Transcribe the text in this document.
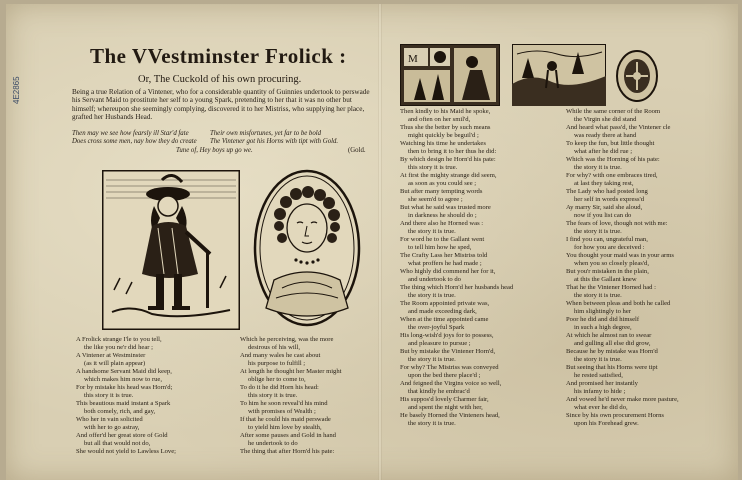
4E2865
The VVestminster Frolick :
Or, The Cuckold of his own procuring.
Being a true Relation of a Vintener, who for a considerable quantity of Guinnies undertook to perswade his Servant Maid to prostitute her self to a young Spark, pretending to her that it was no other but himself; whereupon she seemingly complying, discovered it to her Mistriss, who supplying her place, grafted her Husbands Head.
Then may we see how fearsly ill Star'd fate
Does cross some men, nay how they do create
Their own misfortunes, yet far to be bold
The Vintener got his Horns with tipt with Gold.
Tune of, Hey boys up go we.	(Gold.
M
A Frolick strange I'le to you tell,
the like you ne'r did hear ;
A Vintener at Westminster
(as it will plain appear)
A handsome Servant Maid did keep,
which makes him now to rue,
For by mistake his head was Horn'd;
this story it is true.
This beautious maid instant a Spark
both comely, rich, and gay,
Who her in vain solicited
with her to go astray,
And offer'd her great store of Gold
but all that would not do,
She would not yield to Lawless Love;
Which he perceiving, was the more
desirous of his will,
And many wales he cast about
his purpose to fulfill ;
At length he thought her Master might
oblige her to come to,
To do it he did Horn his head:
this story it is true.
To him he soon reveal'd his mind
with promises of Wealth ;
If that he could his maid perswade
to yield him love by stealth,
After some pauses and Gold in hand
he undertook to do
The thing that after Horn'd his pate:
Then kindly to his Maid he spoke,
and often on her smil'd,
Thus she the better by such means
might quickly be beguil'd ;
Watching his time he undertakes
then to bring it to her thus he did:
By which design he Horn'd his pate:
this story it is true.
At first the mighty strange did seem,
as soon as you could see ;
But after many tempting words
she seem'd to agree ;
But what he said was trusted more
in darkness he should do ;
And there also he Horned was :
the story it is true.
For word he to the Gallant went
to tell him how he sped,
The Crafty Lass her Mistriss told
what proffers he had made ;
Who highly did commend her for it,
and undertook to do
The thing which Horn'd her husbands head
the story it is true.
The Room appointed private was,
and made exceeding dark,
When at the time appointed came
the over-joyful Spark
His long-wish'd joys for to possess,
and pleasure to pursue ;
But by mistake the Vintener Horn'd,
the story it is true.
For why? The Mistriss was conveyed
upon the bed there place'd ;
And feigned the Virgins voice so well,
that kindly he embrac'd
His suppos'd lovely Charmer fair,
and spent the night with her,
He basely Horned the Vinteners head,
the story it is true.
While the same corner of the Room
the Virgin she did stand
And heard what pass'd, the Vintener cle
was ready there at hand
To keep the fun, but little thought
what after he did rue ;
Which was the Horning of his pate:
the story it is true.
For why? with one embraces tired,
at last they taking rest,
The Lady who had posted long
her self in words express'd
Ay marry Sir, said she aloud,
now if you list can do
The fears of love, though not with me:
the story it is true.
I find you can, ungrateful man,
for how you are deceived :
You thought your maid was in your arms
when you so closely pleas'd,
But you'r mistaken in the plain,
at this the Gallant knew
That he the Vintener Horned had :
the story it is true.
When between pleas and both he called
him slightingly to her
Poor he did and did himself
in such a high degree,
At which he almost ran to swear
and gulling all else did grow,
Because he by mistake was Horn'd
the story it is true.
But seeing that his Horns were tipt
he rested satisfied,
And promised her instantly
his infamy to hide ;
And vowed he'd never make more pasture,
what ever he did do,
Since by his own procurement Horns
upon his Forehead grew.
